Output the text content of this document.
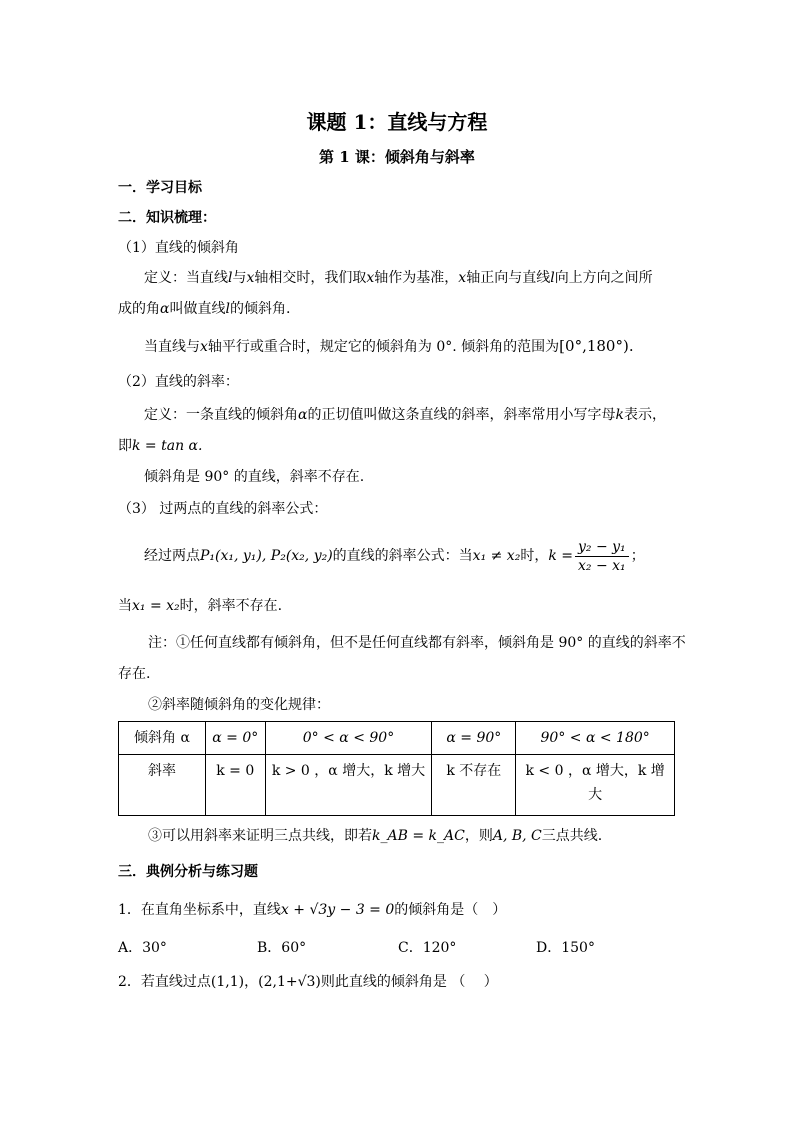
课题 1：直线与方程
第 1 课：倾斜角与斜率
一．学习目标
二．知识梳理：
（1）直线的倾斜角
定义：当直线l与x轴相交时，我们取x轴作为基准，x轴正向与直线l向上方向之间所
成的角α叫做直线l的倾斜角.
当直线与x轴平行或重合时，规定它的倾斜角为 0°. 倾斜角的范围为[0°,180°).
（2）直线的斜率：
定义：一条直线的倾斜角α的正切值叫做这条直线的斜率，斜率常用小写字母k表示，
即k = tan α.
倾斜角是 90° 的直线，斜率不存在.
（3） 过两点的直线的斜率公式：
经过两点P₁(x₁, y₁), P₂(x₂, y₂)的直线的斜率公式：当x₁ ≠ x₂时，$k = \frac{\text{y₂ − y₁}}{\text{x₂ − x₁}}$ ；
当x₁ = x₂时，斜率不存在.
注：①任何直线都有倾斜角，但不是任何直线都有斜率，倾斜角是 90° 的直线的斜率不
存在.
②斜率随倾斜角的变化规律：
倾斜角 α	α = 0°	0° < α < 90°	α = 90°	90° < α < 180°
斜率	k = 0	k > 0 ，α 增大，k 增大	k 不存在	k < 0 ，α 增大，k 增大
③可以用斜率来证明三点共线，即若k_AB = k_AC，则A, B, C三点共线.
三．典例分析与练习题
1．在直角坐标系中，直线x + √3y − 3 = 0的倾斜角是（　）
A．30°	B．60°	C．120°	D．150°
2．若直线过点(1,1)，(2,1+√3)则此直线的倾斜角是 （　 ）
